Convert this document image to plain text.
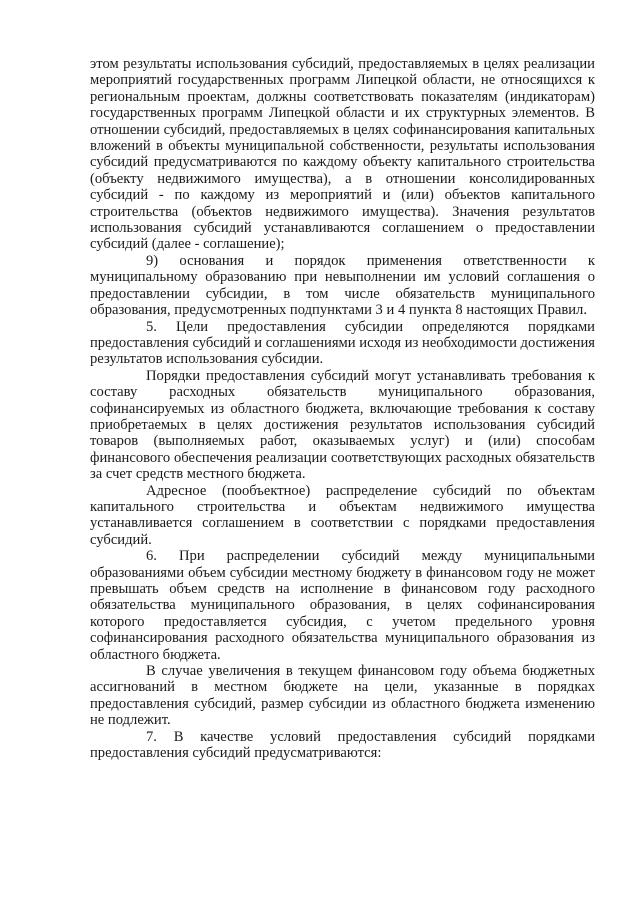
этом результаты использования субсидий, предоставляемых в целях реализации мероприятий государственных программ Липецкой области, не относящихся к региональным проектам, должны соответствовать показателям (индикаторам) государственных программ Липецкой области и их структурных элементов. В отношении субсидий, предоставляемых в целях софинансирования капитальных вложений в объекты муниципальной собственности, результаты использования субсидий предусматриваются по каждому объекту капитального строительства (объекту недвижимого имущества), а в отношении консолидированных субсидий - по каждому из мероприятий и (или) объектов капитального строительства (объектов недвижимого имущества). Значения результатов использования субсидий устанавливаются соглашением о предоставлении субсидий (далее - соглашение);

9) основания и порядок применения ответственности к муниципальному образованию при невыполнении им условий соглашения о предоставлении субсидии, в том числе обязательств муниципального образования, предусмотренных подпунктами 3 и 4 пункта 8 настоящих Правил.

5. Цели предоставления субсидии определяются порядками предоставления субсидий и соглашениями исходя из необходимости достижения результатов использования субсидии.

Порядки предоставления субсидий могут устанавливать требования к составу расходных обязательств муниципального образования, софинансируемых из областного бюджета, включающие требования к составу приобретаемых в целях достижения результатов использования субсидий товаров (выполняемых работ, оказываемых услуг) и (или) способам финансового обеспечения реализации соответствующих расходных обязательств за счет средств местного бюджета.

Адресное (пообъектное) распределение субсидий по объектам капитального строительства и объектам недвижимого имущества устанавливается соглашением в соответствии с порядками предоставления субсидий.

6. При распределении субсидий между муниципальными образованиями объем субсидии местному бюджету в финансовом году не может превышать объем средств на исполнение в финансовом году расходного обязательства муниципального образования, в целях софинансирования которого предоставляется субсидия, с учетом предельного уровня софинансирования расходного обязательства муниципального образования из областного бюджета.

В случае увеличения в текущем финансовом году объема бюджетных ассигнований в местном бюджете на цели, указанные в порядках предоставления субсидий, размер субсидии из областного бюджета изменению не подлежит.

7. В качестве условий предоставления субсидий порядками предоставления субсидий предусматриваются:
